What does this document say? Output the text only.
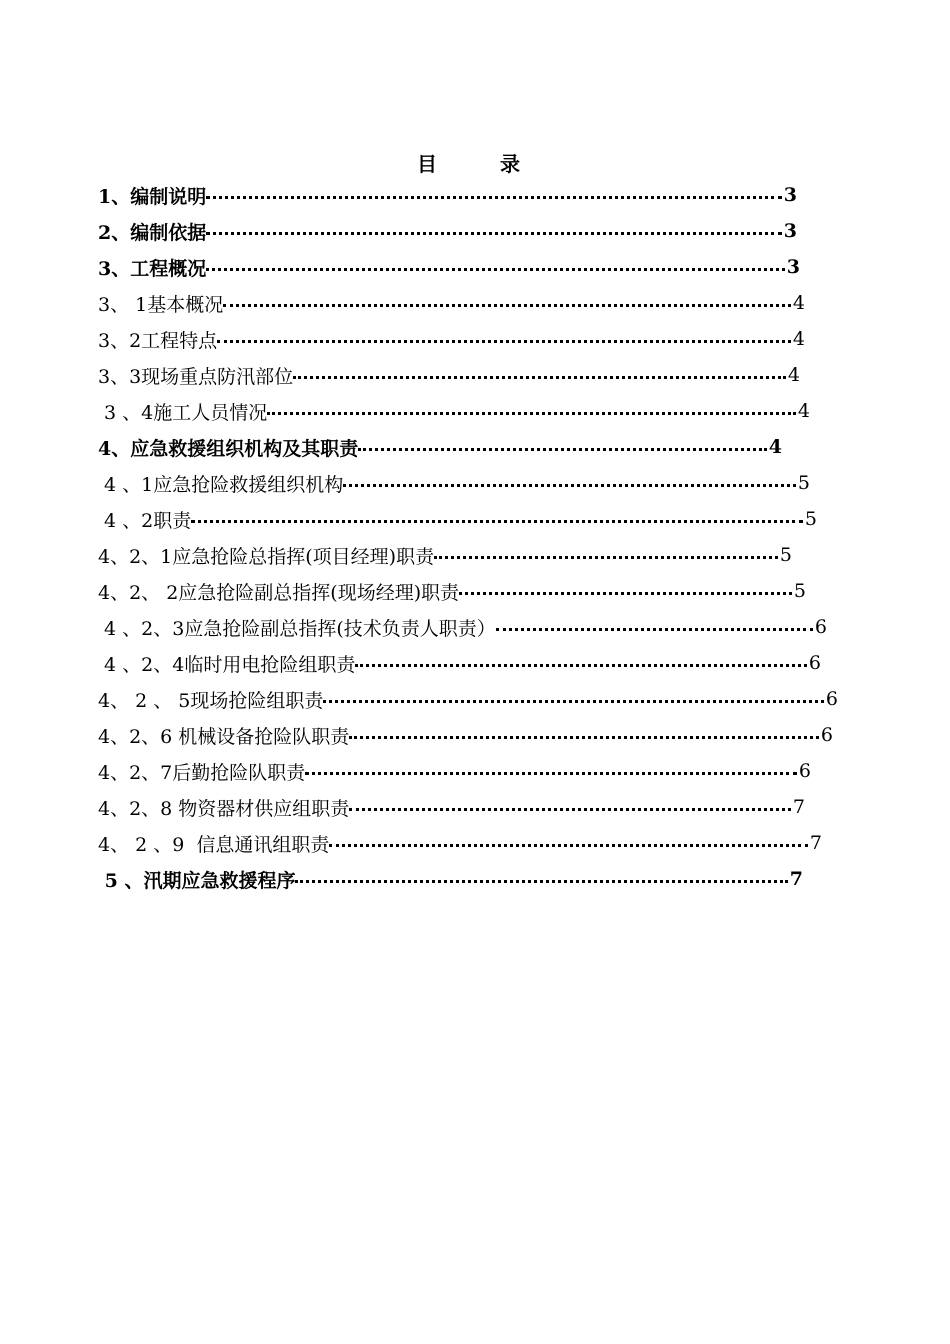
目 录
1、编制说明	3
2、编制依据	3
3、工程概况	3
3、 1基本概况	4
3、2工程特点	4
3、3现场重点防汛部位	4
3 、4施工人员情况	4
4、应急救援组织机构及其职责	4
4 、1应急抢险救援组织机构	5
4 、2职责	5
4、2、1应急抢险总指挥(项目经理)职责	5
4、2、 2应急抢险副总指挥(现场经理)职责	5
4 、2、3应急抢险副总指挥(技术负责人职责）	6
4 、2、4临时用电抢险组职责	6
4、 2 、 5现场抢险组职责	6
4、2、6 机械设备抢险队职责	6
4、2、7后勤抢险队职责	6
4、2、8 物资器材供应组职责	7
4、 2 、9  信息通讯组职责	7
5 、汛期应急救援程序	7
